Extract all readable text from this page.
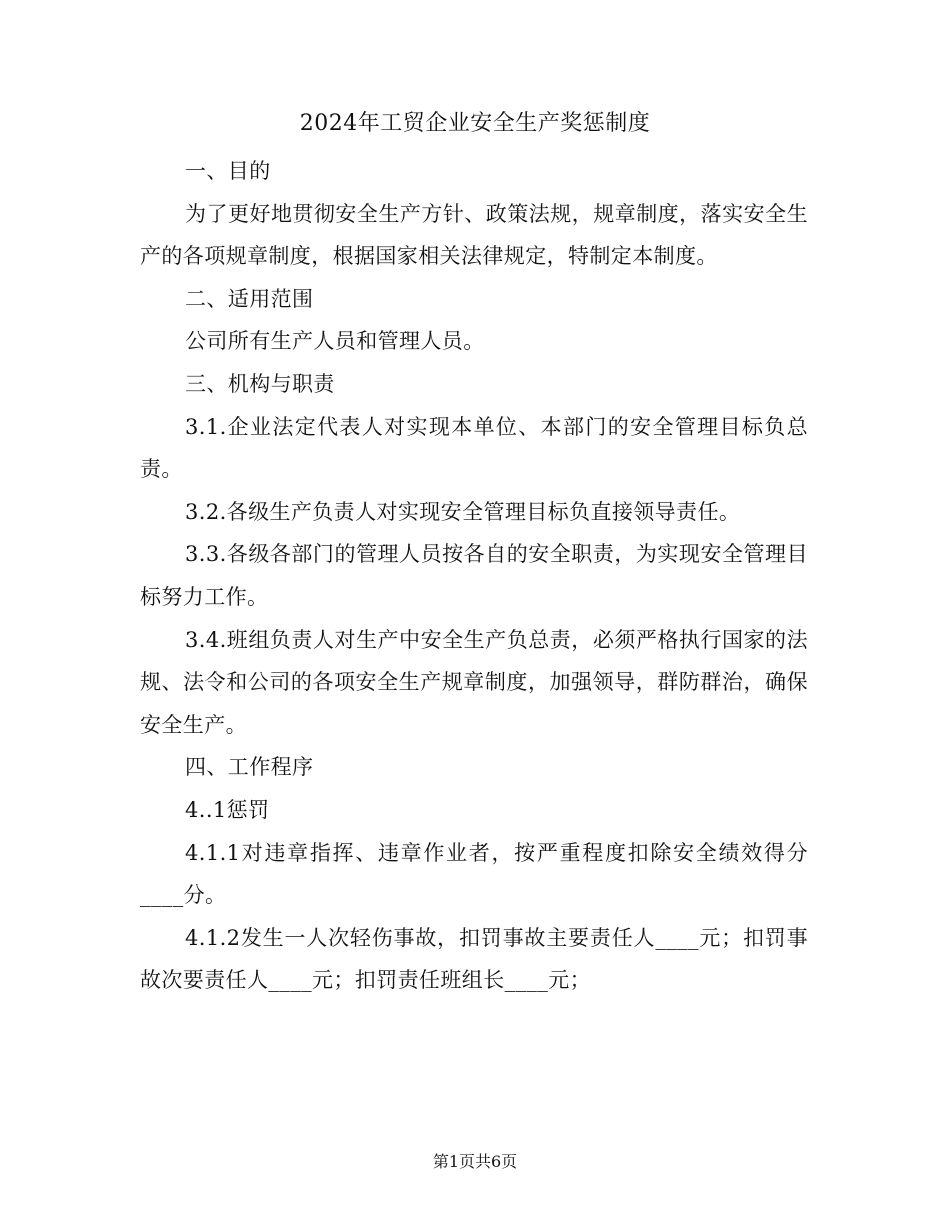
2024年工贸企业安全生产奖惩制度

一、目的

为了更好地贯彻安全生产方针、政策法规，规章制度，落实安全生产的各项规章制度，根据国家相关法律规定，特制定本制度。

二、适用范围

公司所有生产人员和管理人员。

三、机构与职责

3.1.企业法定代表人对实现本单位、本部门的安全管理目标负总责。

3.2.各级生产负责人对实现安全管理目标负直接领导责任。

3.3.各级各部门的管理人员按各自的安全职责，为实现安全管理目标努力工作。

3.4.班组负责人对生产中安全生产负总责，必须严格执行国家的法规、法令和公司的各项安全生产规章制度，加强领导，群防群治，确保安全生产。

四、工作程序

4..1惩罚

4.1.1对违章指挥、违章作业者，按严重程度扣除安全绩效得分____分。

4.1.2发生一人次轻伤事故，扣罚事故主要责任人____元；扣罚事故次要责任人____元；扣罚责任班组长____元；

第1页共6页
